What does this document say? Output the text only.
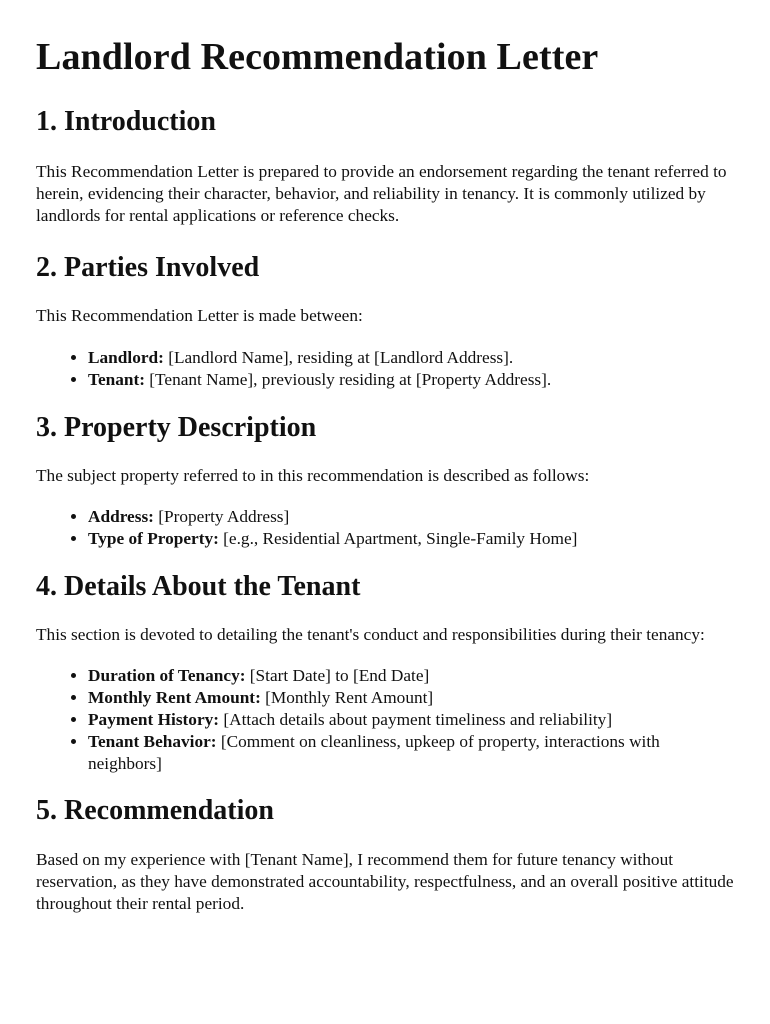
Landlord Recommendation Letter
1. Introduction

This Recommendation Letter is prepared to provide an endorsement regarding the tenant referred to herein, evidencing their character, behavior, and reliability in tenancy. It is commonly utilized by landlords for rental applications or reference checks.

2. Parties Involved

This Recommendation Letter is made between:

• Landlord: [Landlord Name], residing at [Landlord Address].
• Tenant: [Tenant Name], previously residing at [Property Address].
3. Property Description

The subject property referred to in this recommendation is described as follows:

• Address: [Property Address]
• Type of Property: [e.g., Residential Apartment, Single-Family Home]
4. Details About the Tenant

This section is devoted to detailing the tenant's conduct and responsibilities during their tenancy:

• Duration of Tenancy: [Start Date] to [End Date]
• Monthly Rent Amount: [Monthly Rent Amount]
• Payment History: [Attach details about payment timeliness and reliability]
• Tenant Behavior: [Comment on cleanliness, upkeep of property, interactions with neighbors]
5. Recommendation

Based on my experience with [Tenant Name], I recommend them for future tenancy without reservation, as they have demonstrated accountability, respectfulness, and an overall positive attitude throughout their rental period.
